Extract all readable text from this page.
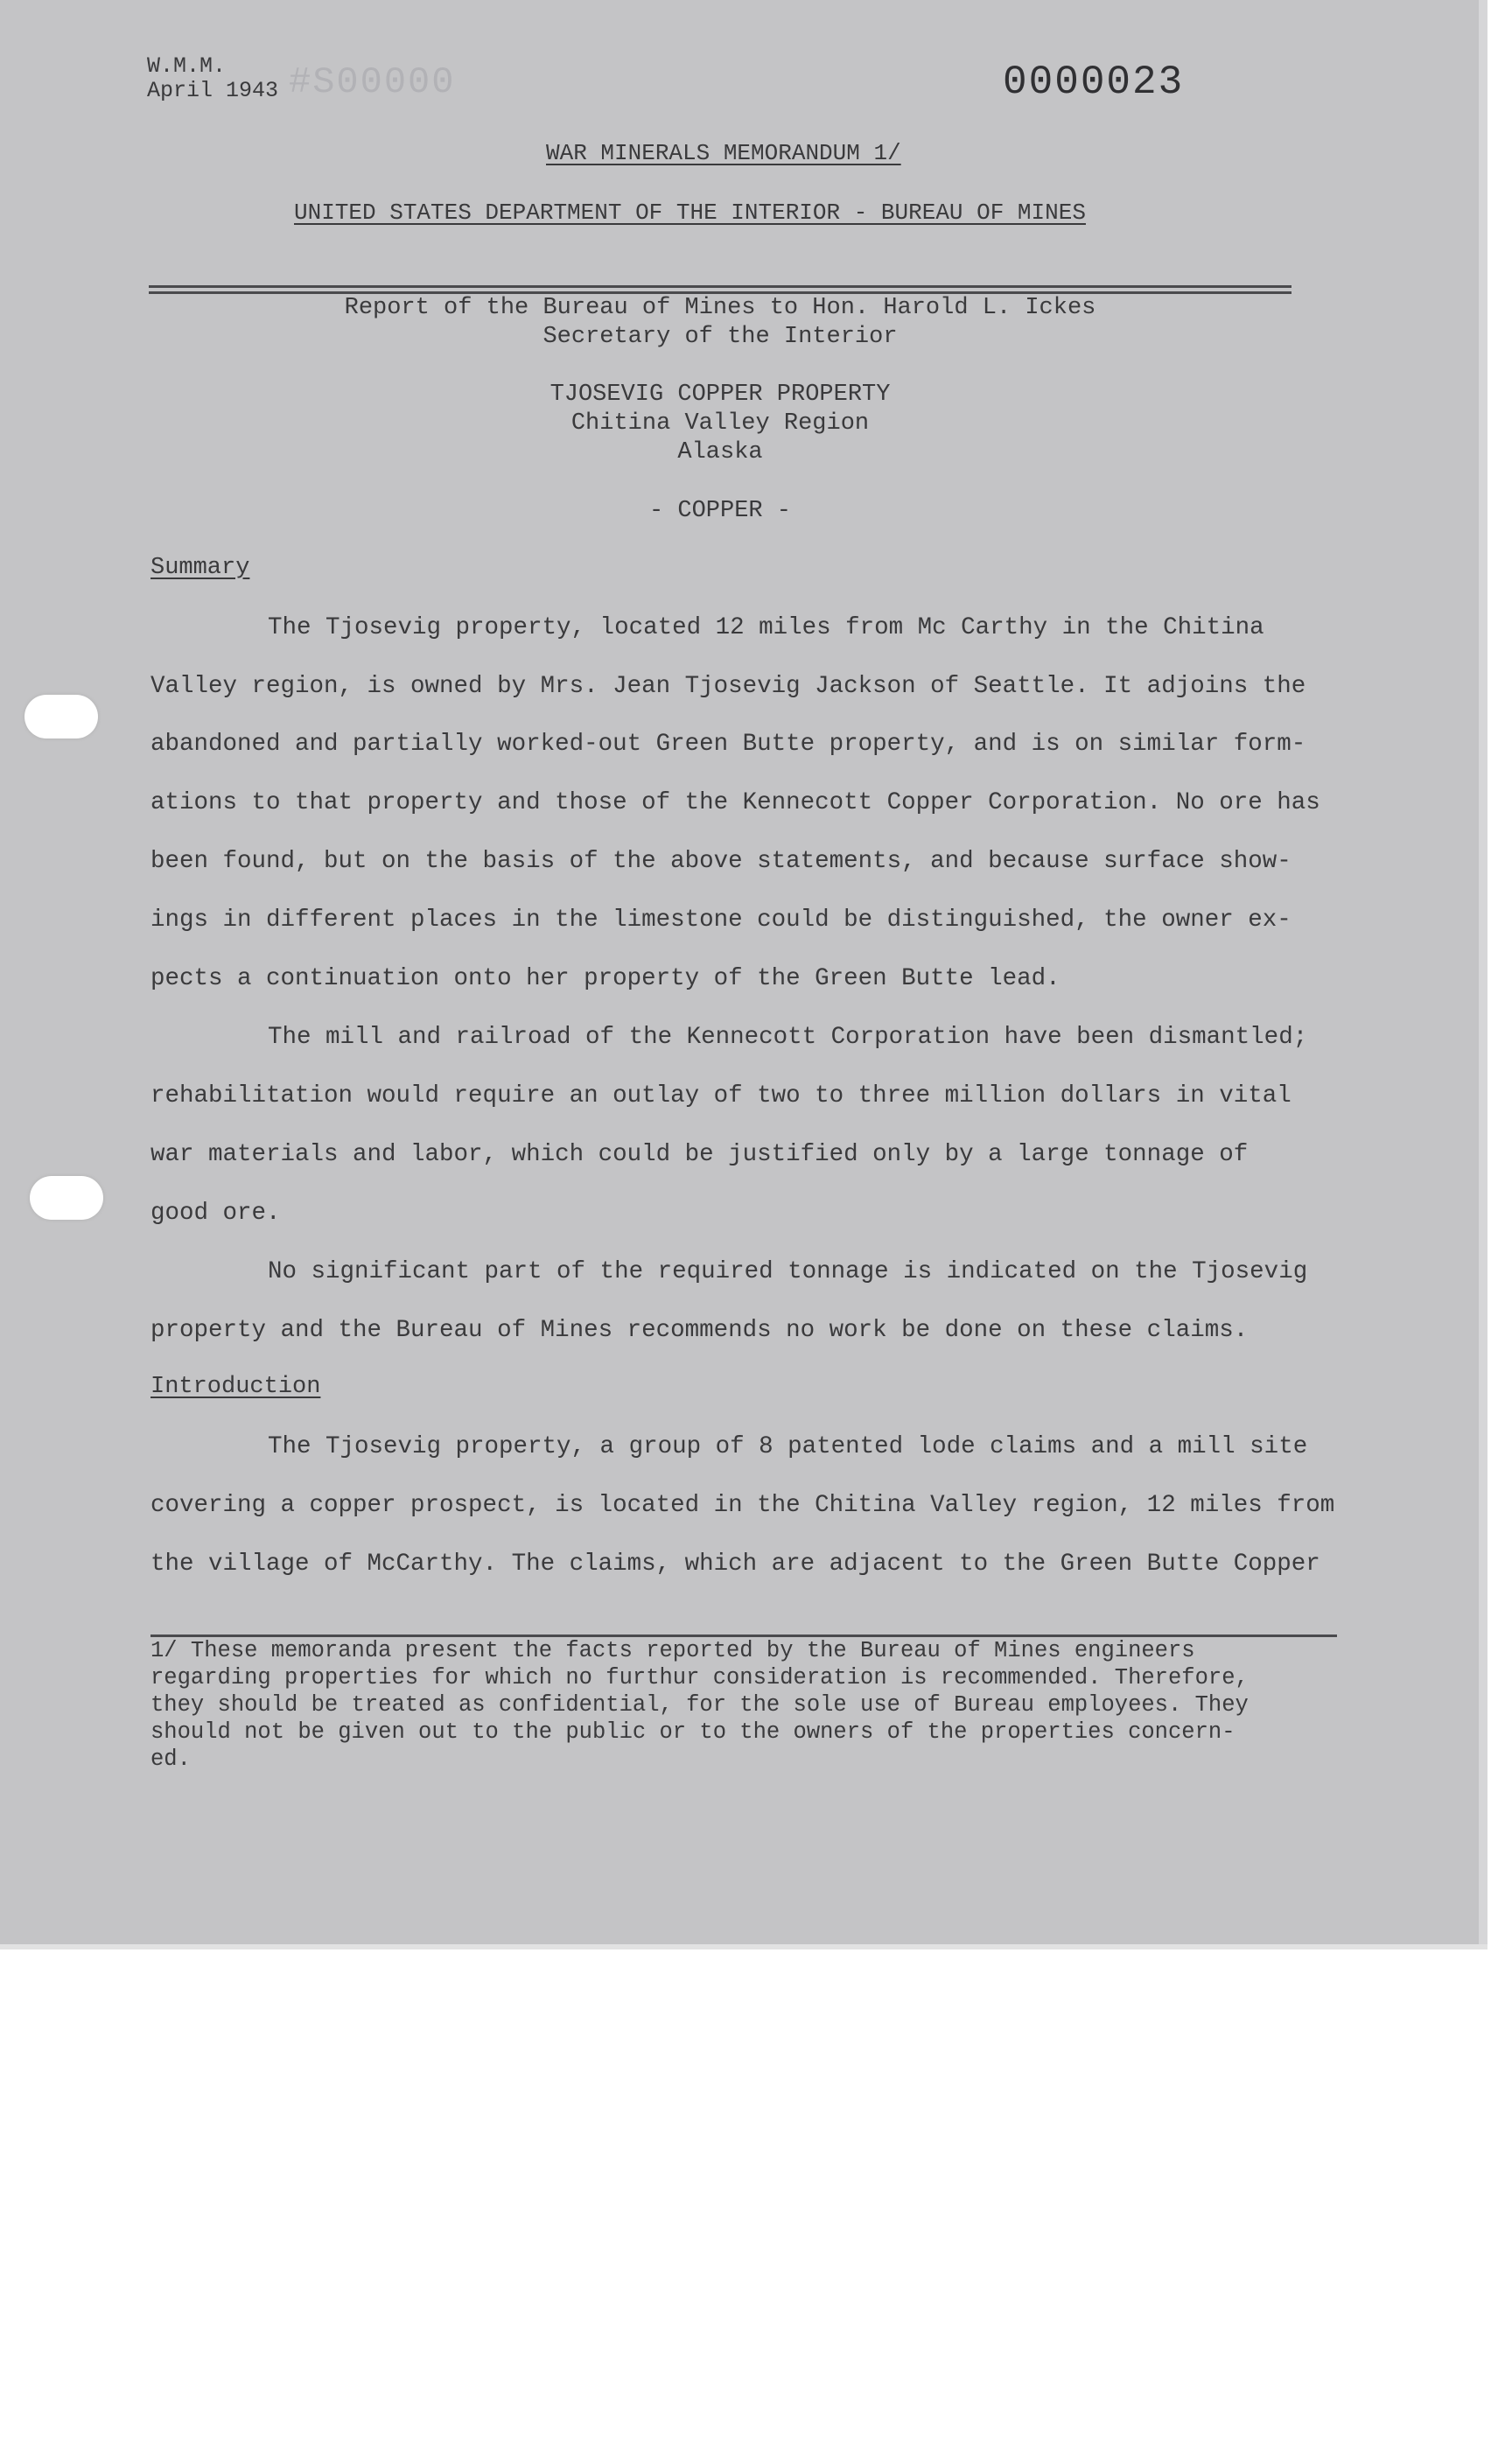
W.M.M.
April 1943 #S00000	0000023
WAR MINERALS MEMORANDUM 1/
UNITED STATES DEPARTMENT OF THE INTERIOR - BUREAU OF MINES
Report of the Bureau of Mines to Hon. Harold L. Ickes
Secretary of the Interior
TJOSEVIG COPPER PROPERTY
Chitina Valley Region
Alaska
- COPPER -
Summary
The Tjosevig property, located 12 miles from Mc Carthy in the Chitina
Valley region, is owned by Mrs. Jean Tjosevig Jackson of Seattle. It adjoins the
abandoned and partially worked-out Green Butte property, and is on similar form-
ations to that property and those of the Kennecott Copper Corporation. No ore has
been found, but on the basis of the above statements, and because surface show-
ings in different places in the limestone could be distinguished, the owner ex-
pects a continuation onto her property of the Green Butte lead.
The mill and railroad of the Kennecott Corporation have been dismantled;
rehabilitation would require an outlay of two to three million dollars in vital
war materials and labor, which could be justified only by a large tonnage of
good ore.
No significant part of the required tonnage is indicated on the Tjosevig
property and the Bureau of Mines recommends no work be done on these claims.
Introduction
The Tjosevig property, a group of 8 patented lode claims and a mill site
covering a copper prospect, is located in the Chitina Valley region, 12 miles from
the village of McCarthy. The claims, which are adjacent to the Green Butte Copper
1/ These memoranda present the facts reported by the Bureau of Mines engineers
regarding properties for which no furthur consideration is recommended. Therefore,
they should be treated as confidential, for the sole use of Bureau employees. They
should not be given out to the public or to the owners of the properties concern-
ed.
